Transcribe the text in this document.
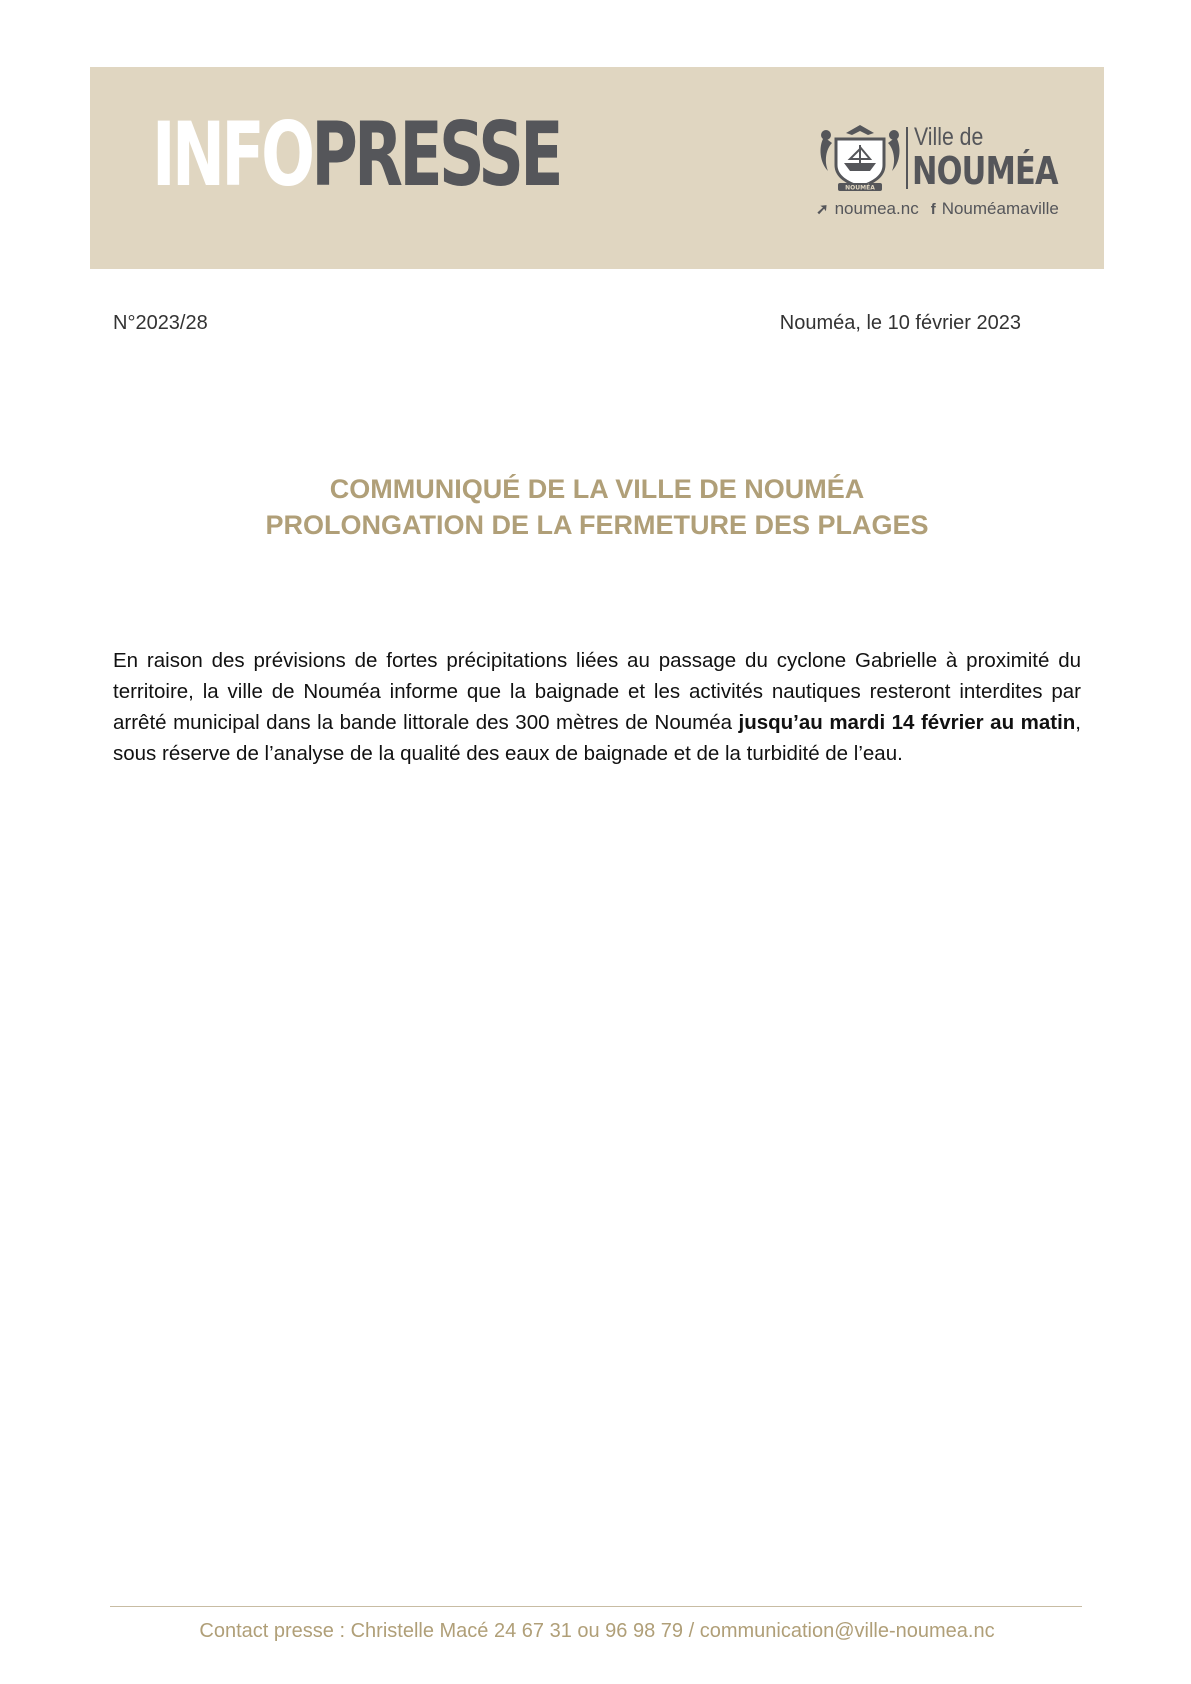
INFOPRESSE	NOUMÉA
Ville de
NOUMÉA
➚ noumea.nc f Nouméamaville
N°2023/28	Nouméa, le 10 février 2023
COMMUNIQUÉ DE LA VILLE DE NOUMÉA
PROLONGATION DE LA FERMETURE DES PLAGES

En raison des prévisions de fortes précipitations liées au passage du cyclone Gabrielle à proximité du territoire, la ville de Nouméa informe que la baignade et les activités nautiques resteront interdites par arrêté municipal dans la bande littorale des 300 mètres de Nouméa jusqu’au mardi 14 février au matin, sous réserve de l’analyse de la qualité des eaux de baignade et de la turbidité de l’eau.

Contact presse : Christelle Macé 24 67 31 ou 96 98 79 / communication@ville-noumea.nc
